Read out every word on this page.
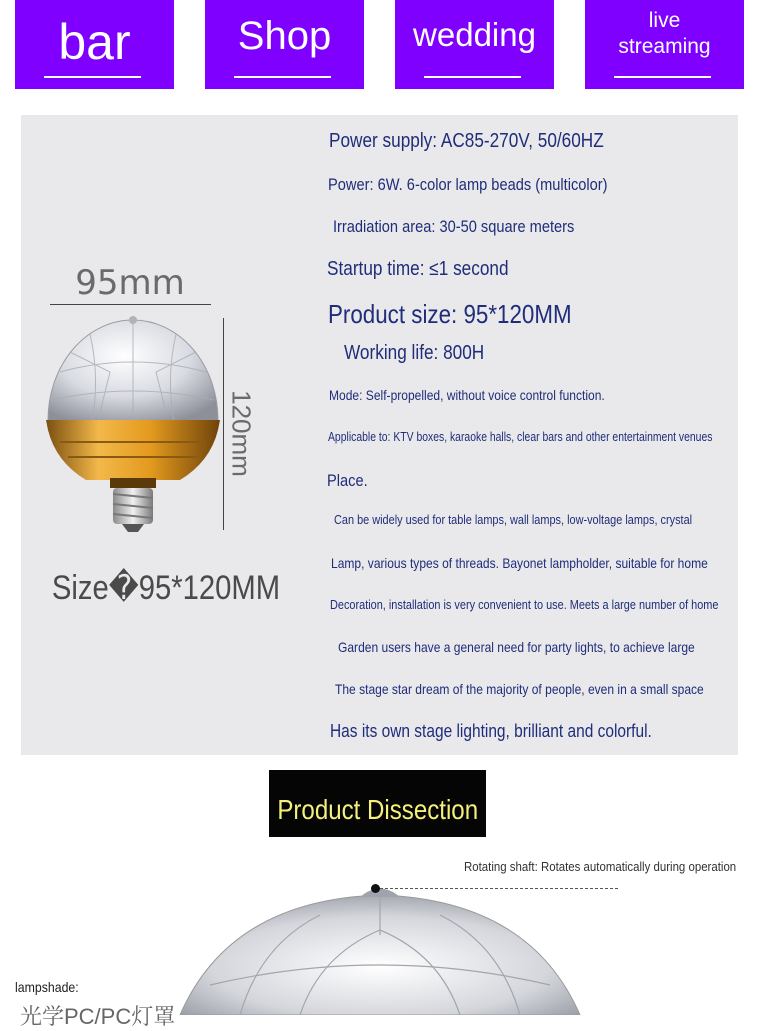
bar	Shop wedding	live streaming
95mm
120mm
Size�95*120MM
Power supply: AC85-270V, 50/60HZ
Power: 6W. 6-color lamp beads (multicolor)
Irradiation area: 30-50 square meters
Startup time: ≤1 second
Product size: 95*120MM
Working life: 800H
Mode: Self-propelled, without voice control function.
Applicable to: KTV boxes, karaoke halls, clear bars and other entertainment venues
Place.
Can be widely used for table lamps, wall lamps, low-voltage lamps, crystal
Lamp, various types of threads. Bayonet lampholder, suitable for home
Decoration, installation is very convenient to use. Meets a large number of home
Garden users have a general need for party lights, to achieve large
The stage star dream of the majority of people, even in a small space
Has its own stage lighting, brilliant and colorful.
Product Dissection
Rotating shaft: Rotates automatically during operation
lampshade:
光学PC/PC灯罩
